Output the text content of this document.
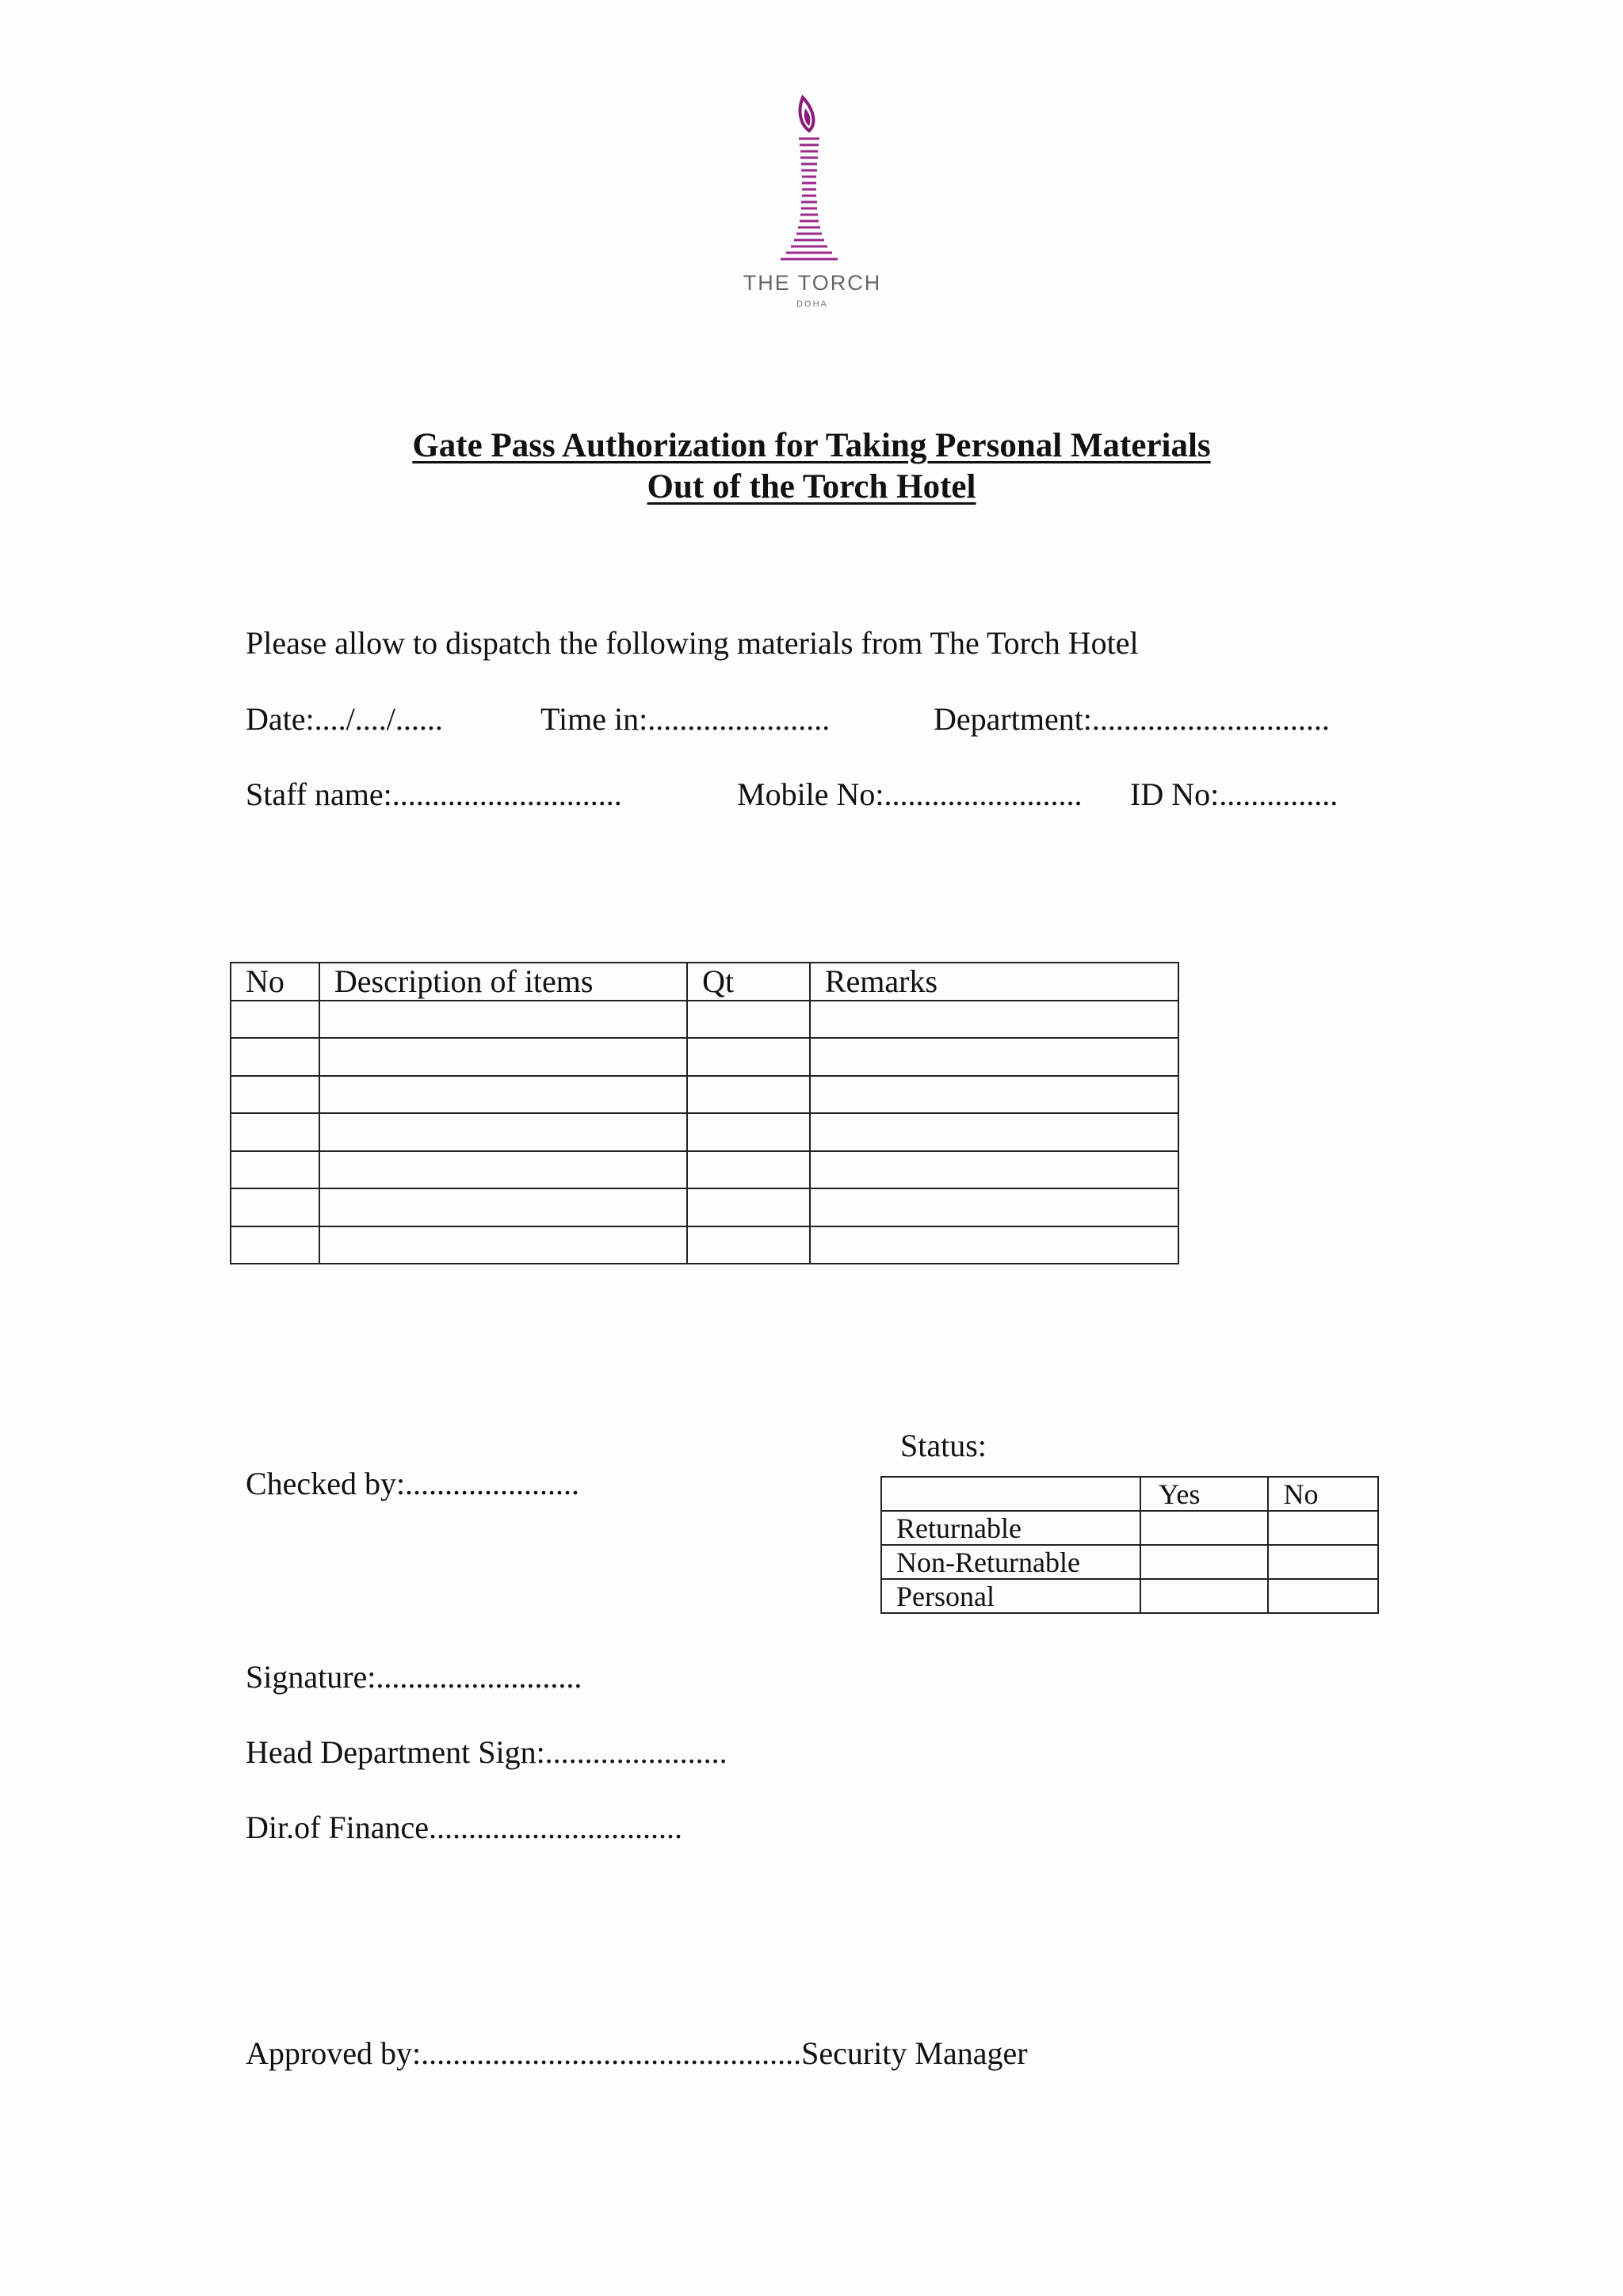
THE TORCH
DOHA
Gate Pass Authorization for Taking Personal Materials
Out of the Torch Hotel
Please allow to dispatch the following materials from The Torch Hotel
Date:..../..../......	Time in:.......................	Department:..............................
Staff name:.............................	Mobile No:......................... ID No:...............
No	Description of items	Qt	Remarks

Status:
	Yes	No
Returnable		
Non-Returnable		
Personal		
Checked by:......................
Signature:..........................
Head Department Sign:.......................
Dir.of Finance................................
Approved by:................................................Security Manager
